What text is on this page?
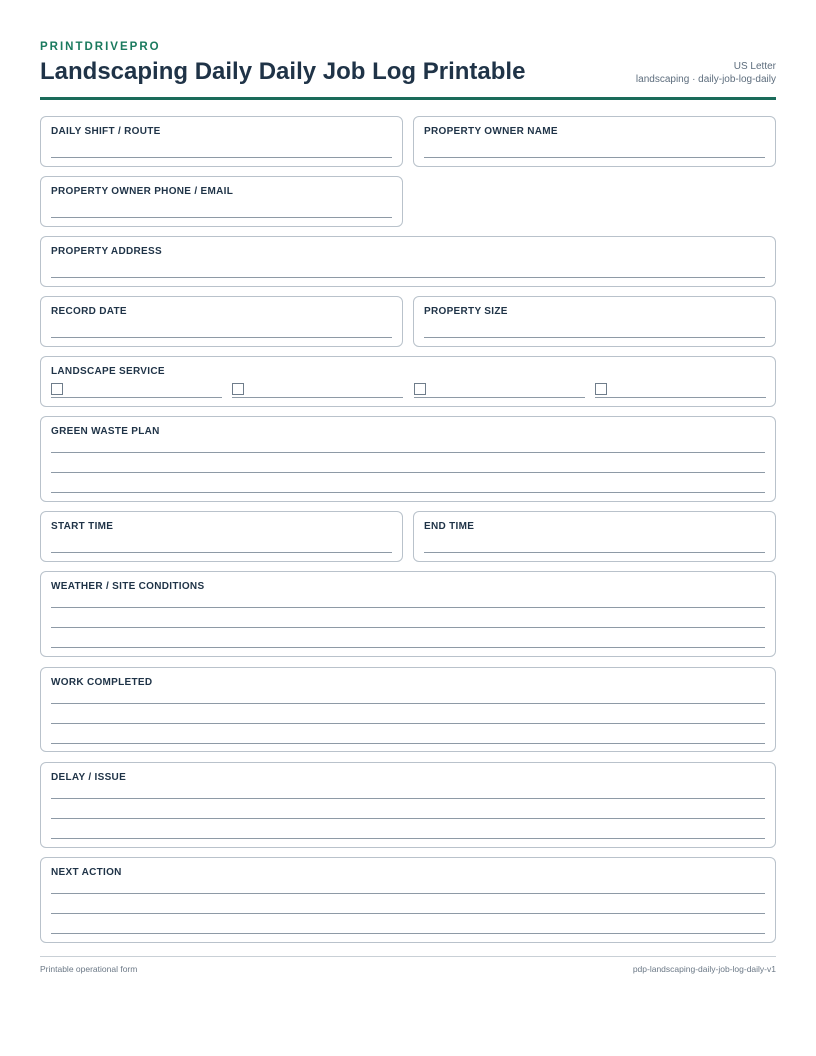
PRINTDRIVEPRO
Landscaping Daily Daily Job Log Printable	US Letter
landscaping · daily-job-log-daily
DAILY SHIFT / ROUTE	PROPERTY OWNER NAME
PROPERTY OWNER PHONE / EMAIL
PROPERTY ADDRESS
RECORD DATE	PROPERTY SIZE
LANDSCAPE SERVICE
GREEN WASTE PLAN
START TIME	END TIME
WEATHER / SITE CONDITIONS
WORK COMPLETED
DELAY / ISSUE
NEXT ACTION
Printable operational form	pdp-landscaping-daily-job-log-daily-v1
